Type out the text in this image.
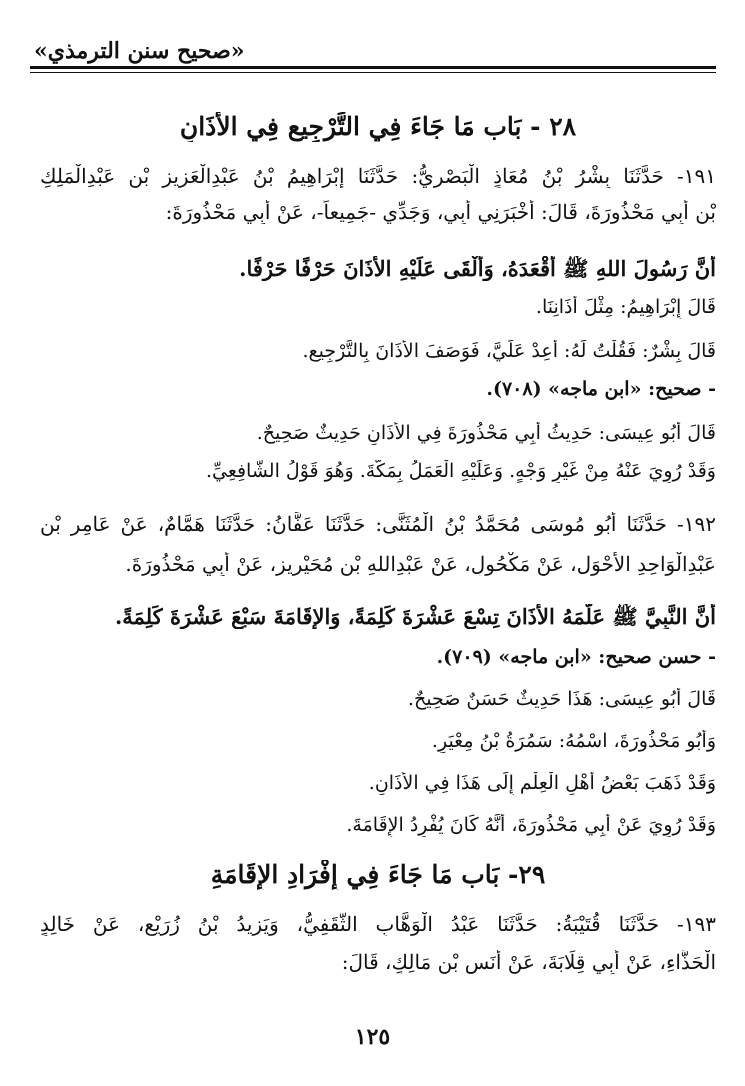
«صحيح سنن الترمذي»
٢٨ - بَاب مَا جَاءَ فِي التَّرْجِيعِ فِي الأَذَانِ
١٩١- حَدَّثَنَا بِشْرُ بْنُ مُعَاذٍ الْبَصْرِيُّ: حَدَّثَنَا إِبْرَاهِيمُ بْنُ عَبْدِالْعَزِيزِ بْنِ عَبْدِالْمَلِكِ
بْنِ أَبِي مَحْذُورَةَ، قَالَ: أَخْبَرَنِي أَبِي، وَجَدِّي -جَمِيعاً-، عَنْ أَبِي مَحْذُورَةَ:
أَنَّ رَسُولَ اللهِ ﷺ أَقْعَدَهُ، وَأَلْقَى عَلَيْهِ الأَذَانَ حَرْفًا حَرْفًا.
قَالَ إِبْرَاهِيمُ: مِثْلَ أَذَانِنَا.
قَالَ بِشْرٌ: فَقُلْتُ لَهُ: أَعِدْ عَلَيَّ، فَوَصَفَ الأَذَانَ بِالتَّرْجِيعِ.
- صحيح: «ابن ماجه» (٧٠٨).
قَالَ أَبُو عِيسَى: حَدِيثُ أَبِي مَحْذُورَةَ فِي الأَذَانِ حَدِيثٌ صَحِيحٌ.
وَقَدْ رُوِيَ عَنْهُ مِنْ غَيْرِ وَجْهٍ. وَعَلَيْهِ الْعَمَلُ بِمَكَّةَ. وَهُوَ قَوْلُ الشَّافِعِيِّ.
١٩٢- حَدَّثَنَا أَبُو مُوسَى مُحَمَّدُ بْنُ الْمُثَنَّى: حَدَّثَنَا عَفَّانُ: حَدَّثَنَا هَمَّامٌ، عَنْ عَامِرِ بْنِ
عَبْدِالْوَاحِدِ الأَحْوَلِ، عَنْ مَكْحُولٍ، عَنْ عَبْدِاللهِ بْنِ مُحَيْرِيزٍ، عَنْ أَبِي مَحْذُورَةَ.
أَنَّ النَّبِيَّ ﷺ عَلَّمَهُ الأَذَانَ تِسْعَ عَشْرَةَ كَلِمَةً، وَالإِقَامَةَ سَبْعَ عَشْرَةَ كَلِمَةً.
- حسن صحيح: «ابن ماجه» (٧٠٩).
قَالَ أَبُو عِيسَى: هَذَا حَدِيثٌ حَسَنٌ صَحِيحٌ.
وَأَبُو مَحْذُورَةَ، اسْمُهُ: سَمُرَةُ بْنُ مِعْيَرٍ.
وَقَدْ ذَهَبَ بَعْضُ أَهْلِ الْعِلْمِ إِلَى هَذَا فِي الأَذَانِ.
وَقَدْ رُوِيَ عَنْ أَبِي مَحْذُورَةَ، أَنَّهُ كَانَ يُفْرِدُ الإِقَامَةَ.
٢٩- بَاب مَا جَاءَ فِي إِفْرَادِ الإِقَامَةِ
١٩٣- حَدَّثَنَا قُتَيْبَةُ: حَدَّثَنَا عَبْدُ الْوَهَّابِ الثَّقَفِيُّ، وَيَزِيدُ بْنُ زُرَيْعٍ، عَنْ خَالِدٍ
الْحَذَّاءِ، عَنْ أَبِي قِلَابَةَ، عَنْ أَنَسِ بْنِ مَالِكٍ، قَالَ:
١٢٥
